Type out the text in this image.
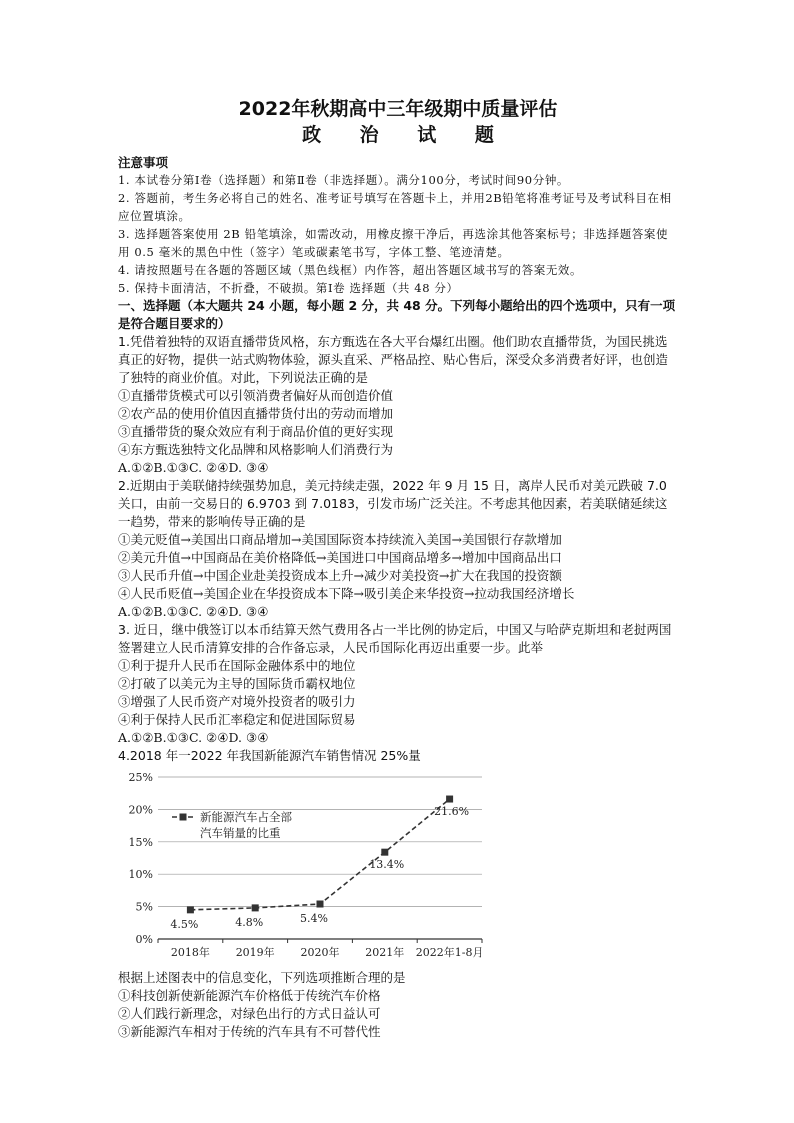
2022年秋期高中三年级期中质量评估
政 治 试 题
注意事项
1. 本试卷分第Ⅰ卷（选择题）和第Ⅱ卷（非选择题）。满分100分，考试时间90分钟。
2. 答题前，考生务必将自己的姓名、准考证号填写在答题卡上，并用2B铅笔将准考证号及考试科目在相应位置填涂。
3. 选择题答案使用 2B 铅笔填涂，如需改动，用橡皮擦干净后，再选涂其他答案标号；非选择题答案使用 0.5 毫米的黑色中性（签字）笔或碳素笔书写，字体工整、笔迹清楚。
4. 请按照题号在各题的答题区域（黑色线框）内作答，超出答题区域书写的答案无效。
5. 保持卡面清洁，不折叠，不破损。第Ⅰ卷 选择题（共 48 分）
一、选择题（本大题共 24 小题，每小题 2 分，共 48 分。下列每小题给出的四个选项中，只有一项是符合题目要求的）
1.凭借着独特的双语直播带货风格，东方甄选在各大平台爆红出圈。他们助农直播带货，为国民挑选真正的好物，提供一站式购物体验，源头直采、严格品控、贴心售后，深受众多消费者好评，也创造了独特的商业价值。对此，下列说法正确的是
①直播带货模式可以引领消费者偏好从而创造价值
②农产品的使用价值因直播带货付出的劳动而增加
③直播带货的聚众效应有利于商品价值的更好实现
④东方甄选独特文化品牌和风格影响人们消费行为
A.①②B.①③C. ②④D. ③④
2.近期由于美联储持续强势加息，美元持续走强，2022 年 9 月 15 日，离岸人民币对美元跌破 7.0 关口，由前一交易日的 6.9703 到 7.0183，引发市场广泛关注。不考虑其他因素，若美联储延续这一趋势，带来的影响传导正确的是
①美元贬值→美国出口商品增加→美国国际资本持续流入美国→美国银行存款增加
②美元升值→中国商品在美价格降低→美国进口中国商品增多→增加中国商品出口
③人民币升值→中国企业赴美投资成本上升→减少对美投资→扩大在我国的投资额
④人民币贬值→美国企业在华投资成本下降→吸引美企来华投资→拉动我国经济增长
A.①②B.①③C. ②④D. ③④
3. 近日，继中俄签订以本币结算天然气费用各占一半比例的协定后，中国又与哈萨克斯坦和老挝两国签署建立人民币清算安排的合作备忘录，人民币国际化再迈出重要一步。此举
①利于提升人民币在国际金融体系中的地位
②打破了以美元为主导的国际货币霸权地位
③增强了人民币资产对境外投资者的吸引力
④利于保持人民币汇率稳定和促进国际贸易
A.①②B.①③C. ②④D. ③④
4.2018 年一2022 年我国新能源汽车销售情况 25%量
0%
5%
10%
15%
20%
25%
2018年 2019年 2020年 2021年 2022年1-8月
4.5%	4.8%	5.4%
13.4%
21.6%
新能源汽车占全部
汽车销量的比重
根据上述图表中的信息变化，下列选项推断合理的是
①科技创新使新能源汽车价格低于传统汽车价格
②人们践行新理念，对绿色出行的方式日益认可
③新能源汽车相对于传统的汽车具有不可替代性
